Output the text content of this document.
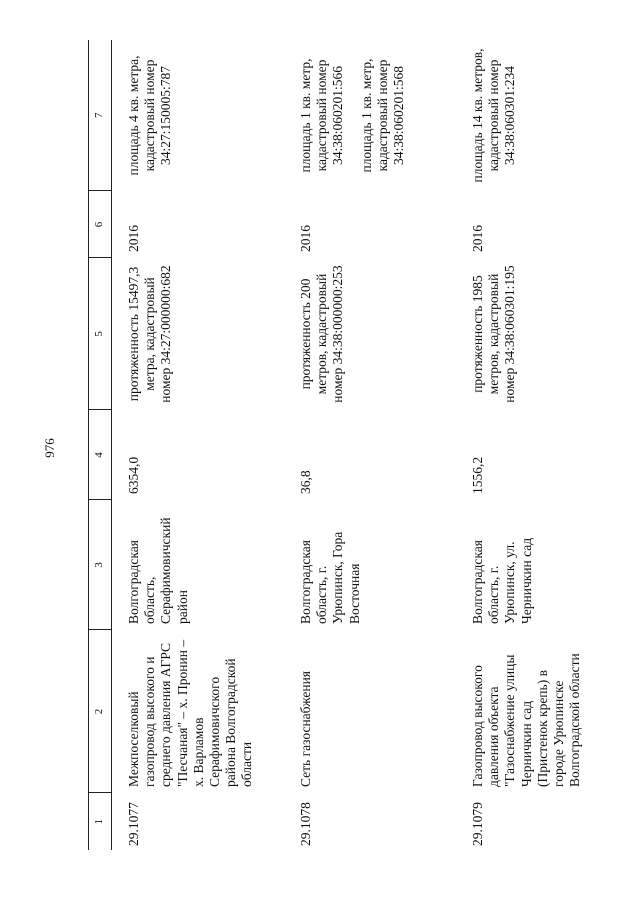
976
1	2	3	4	5	6	7
29.1077	Межпоселковый газопровод высокого и среднего давления АГРС "Песчаная" – х. Пронин – х. Варламов Серафимовичского района Волгоградской области	Волгоградская область, Серафимовичский район	6354,0	протяженность 15497,3 метра, кадастровый номер 34:27:000000:682	2016	площадь 4 кв. метра, кадастровый номер 34:27:150005:787
29.1078	Сеть газоснабжения	Волгоградская область, г. Урюпинск, Гора Восточная	36,8	протяженность 200 метров, кадастровый номер 34:38:000000:253	2016	площадь 1 кв. метр, кадастровый номер 34:38:060201:566 площадь 1 кв. метр, кадастровый номер 34:38:060201:568

29.1079	Газопровод высокого давления объекта "Газоснабжение улицы Черничкин сад (Пристенок крепь) в городе Урюпинске Волгоградской области	Волгоградская область, г. Урюпинск, ул. Черничкин сад	1556,2	протяженность 1985 метров, кадастровый номер 34:38:060301:195	2016	площадь 14 кв. метров, кадастровый номер 34:38:060301:234
